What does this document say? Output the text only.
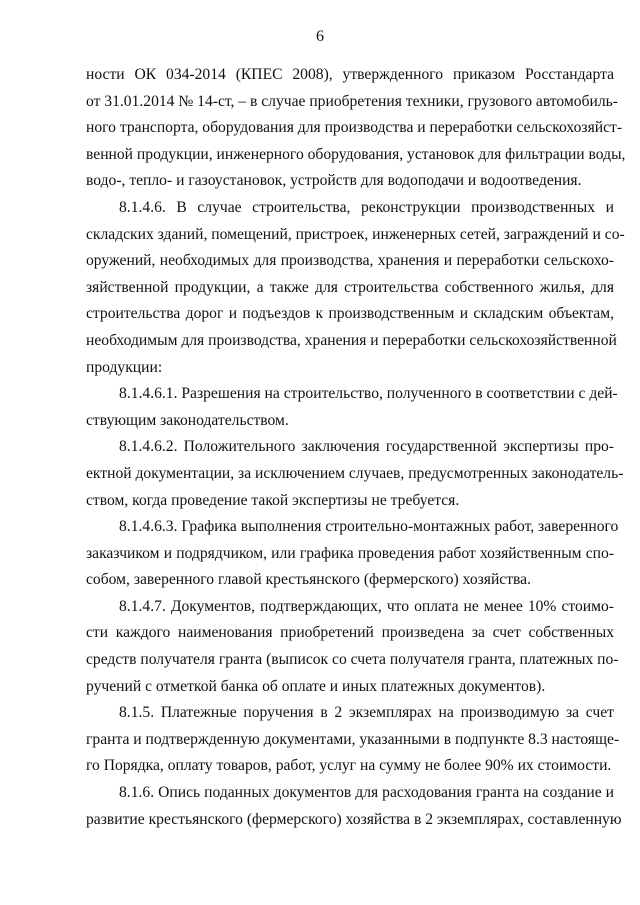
6

ности ОК 034-2014 (КПЕС 2008), утвержденного приказом Росстандарта
от 31.01.2014 № 14-ст, – в случае приобретения техники, грузового автомобиль-
ного транспорта, оборудования для производства и переработки сельскохозяйст-
венной продукции, инженерного оборудования, установок для фильтрации воды,
водо-, тепло- и газоустановок, устройств для водоподачи и водоотведения.

8.1.4.6. В случае строительства, реконструкции производственных и
складских зданий, помещений, пристроек, инженерных сетей, заграждений и со-
оружений, необходимых для производства, хранения и переработки сельскохо-
зяйственной продукции, а также для строительства собственного жилья, для
строительства дорог и подъездов к производственным и складским объектам,
необходимым для производства, хранения и переработки сельскохозяйственной
продукции:

8.1.4.6.1. Разрешения на строительство, полученного в соответствии с дей-
ствующим законодательством.

8.1.4.6.2. Положительного заключения государственной экспертизы про-
ектной документации, за исключением случаев, предусмотренных законодатель-
ством, когда проведение такой экспертизы не требуется.

8.1.4.6.3. Графика выполнения строительно-монтажных работ, заверенного
заказчиком и подрядчиком, или графика проведения работ хозяйственным спо-
собом, заверенного главой крестьянского (фермерского) хозяйства.

8.1.4.7. Документов, подтверждающих, что оплата не менее 10% стоимо-
сти каждого наименования приобретений произведена за счет собственных
средств получателя гранта (выписок со счета получателя гранта, платежных по-
ручений с отметкой банка об оплате и иных платежных документов).

8.1.5. Платежные поручения в 2 экземплярах на производимую за счет
гранта и подтвержденную документами, указанными в подпункте 8.3 настояще-
го Порядка, оплату товаров, работ, услуг на сумму не более 90% их стоимости.

8.1.6. Опись поданных документов для расходования гранта на создание и
развитие крестьянского (фермерского) хозяйства в 2 экземплярах, составленную
